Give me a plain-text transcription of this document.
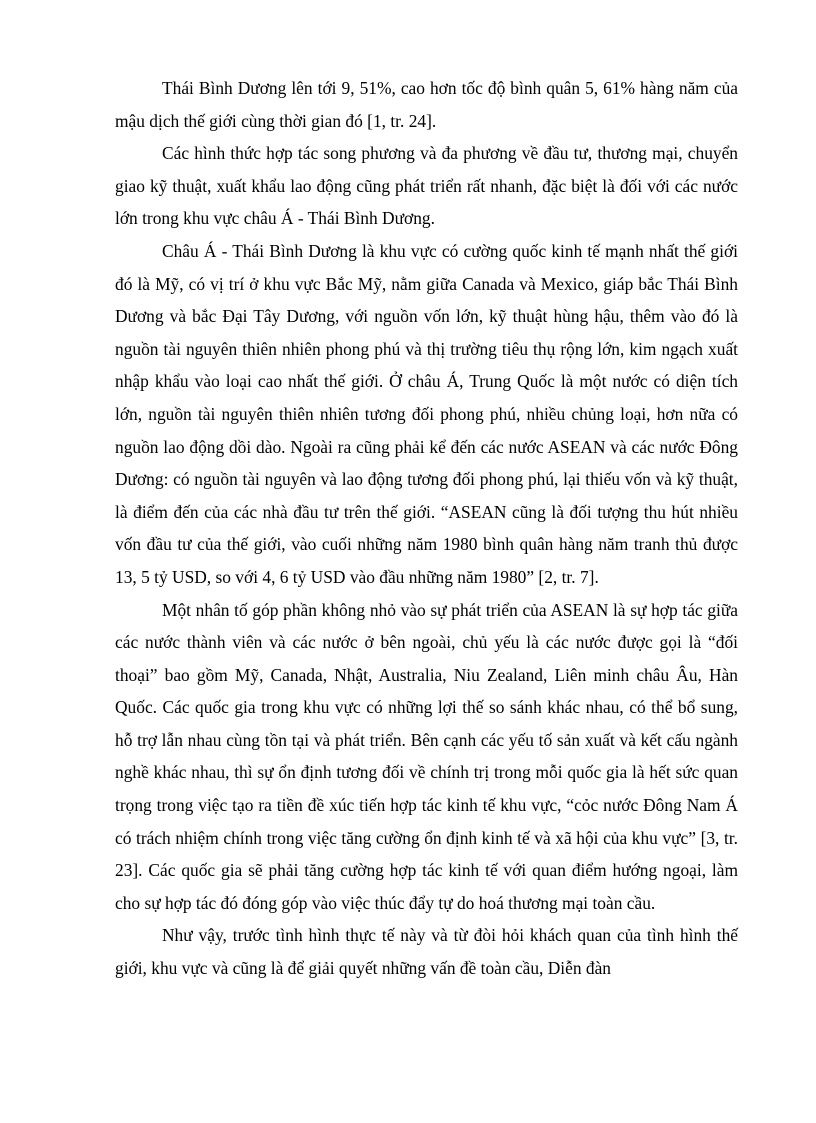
Thái Bình Dương lên tới 9, 51%, cao hơn tốc độ bình quân 5, 61% hàng năm của mậu dịch thế giới cùng thời gian đó [1, tr. 24].

Các hình thức hợp tác song phương và đa phương về đầu tư, thương mại, chuyển giao kỹ thuật, xuất khẩu lao động cũng phát triển rất nhanh, đặc biệt là đối với các nước lớn trong khu vực châu Á - Thái Bình Dương.

Châu Á - Thái Bình Dương là khu vực có cường quốc kinh tế mạnh nhất thế giới đó là Mỹ, có vị trí ở khu vực Bắc Mỹ, nằm giữa Canada và Mexico, giáp bắc Thái Bình Dương và bắc Đại Tây Dương, với nguồn vốn lớn, kỹ thuật hùng hậu, thêm vào đó là nguồn tài nguyên thiên nhiên phong phú và thị trường tiêu thụ rộng lớn, kim ngạch xuất nhập khẩu vào loại cao nhất thế giới. Ở châu Á, Trung Quốc là một nước có diện tích lớn, nguồn tài nguyên thiên nhiên tương đối phong phú, nhiều chủng loại, hơn nữa có nguồn lao động dồi dào. Ngoài ra cũng phải kể đến các nước ASEAN và các nước Đông Dương: có nguồn tài nguyên và lao động tương đối phong phú, lại thiếu vốn và kỹ thuật, là điểm đến của các nhà đầu tư trên thế giới. “ASEAN cũng là đối tượng thu hút nhiều vốn đầu tư của thế giới, vào cuối những năm 1980 bình quân hàng năm tranh thủ được 13, 5 tỷ USD, so với 4, 6 tỷ USD vào đầu những năm 1980” [2, tr. 7].

Một nhân tố góp phần không nhỏ vào sự phát triển của ASEAN là sự hợp tác giữa các nước thành viên và các nước ở bên ngoài, chủ yếu là các nước được gọi là “đối thoại” bao gồm Mỹ, Canada, Nhật, Australia, Niu Zealand, Liên minh châu Âu, Hàn Quốc. Các quốc gia trong khu vực có những lợi thế so sánh khác nhau, có thể bổ sung, hỗ trợ lẫn nhau cùng tồn tại và phát triển. Bên cạnh các yếu tố sản xuất và kết cấu ngành nghề khác nhau, thì sự ổn định tương đối về chính trị trong mỗi quốc gia là hết sức quan trọng trong việc tạo ra tiền đề xúc tiến hợp tác kinh tế khu vực, “cỏc nước Đông Nam Á có trách nhiệm chính trong việc tăng cường ổn định kinh tế và xã hội của khu vực” [3, tr. 23]. Các quốc gia sẽ phải tăng cường hợp tác kinh tế với quan điểm hướng ngoại, làm cho sự hợp tác đó đóng góp vào việc thúc đẩy tự do hoá thương mại toàn cầu.

Như vậy, trước tình hình thực tế này và từ đòi hỏi khách quan của tình hình thế giới, khu vực và cũng là để giải quyết những vấn đề toàn cầu, Diễn đàn
